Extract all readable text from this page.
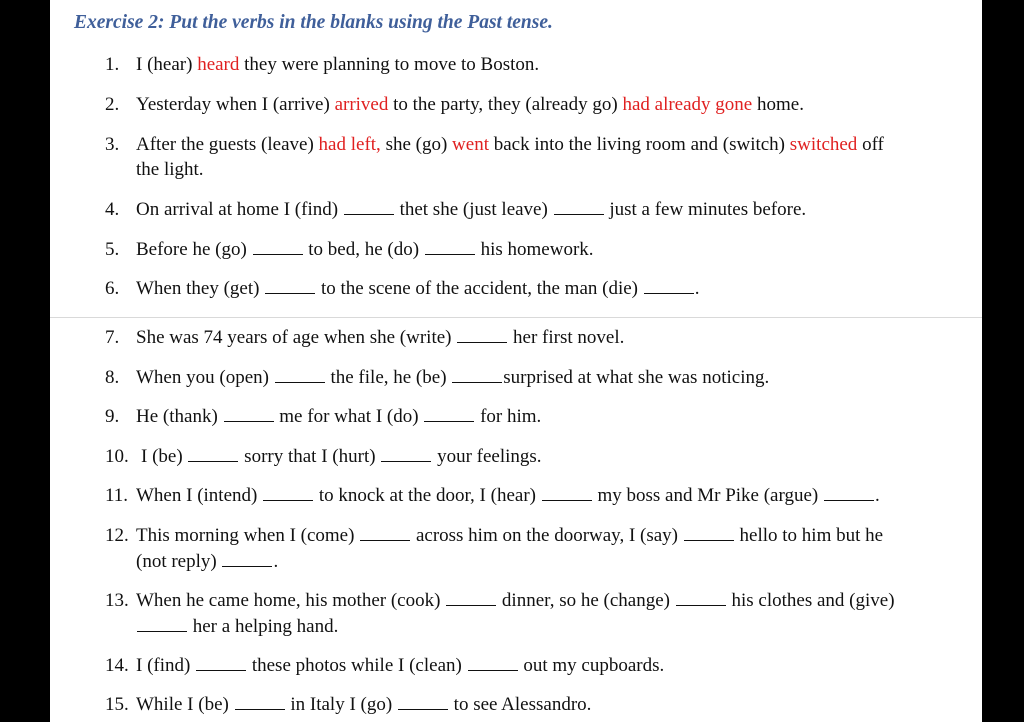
Exercise 2: Put the verbs in the blanks using the Past tense.
1. I (hear) heard they were planning to move to Boston.
2. Yesterday when I (arrive) arrived to the party, they (already go) had already gone home.
3. After the guests (leave) had left, she (go) went back into the living room and (switch) switched off
the light.
4. On arrival at home I (find)	thet she (just leave)	just a few minutes before.
5. Before he (go)	to bed, he (do)	his homework.
6. When they (get)	to the scene of the accident, the man (die)	.
7. She was 74 years of age when she (write)	her first novel.
8. When you (open)	the file, he (be)	surprised at what she was noticing.
9. He (thank)	me for what I (do)	for him.
10. I (be)	sorry that I (hurt)	your feelings.
11. When I (intend)	to knock at the door, I (hear)	my boss and Mr Pike (argue)	.
12. This morning when I (come)	across him on the doorway, I (say)	hello to him but he
(not reply)	.
13. When he came home, his mother (cook)	dinner, so he (change)	his clothes and (give)
her a helping hand.
14. I (find)	these photos while I (clean)	out my cupboards.
15. While I (be)	in Italy I (go)	to see Alessandro.
